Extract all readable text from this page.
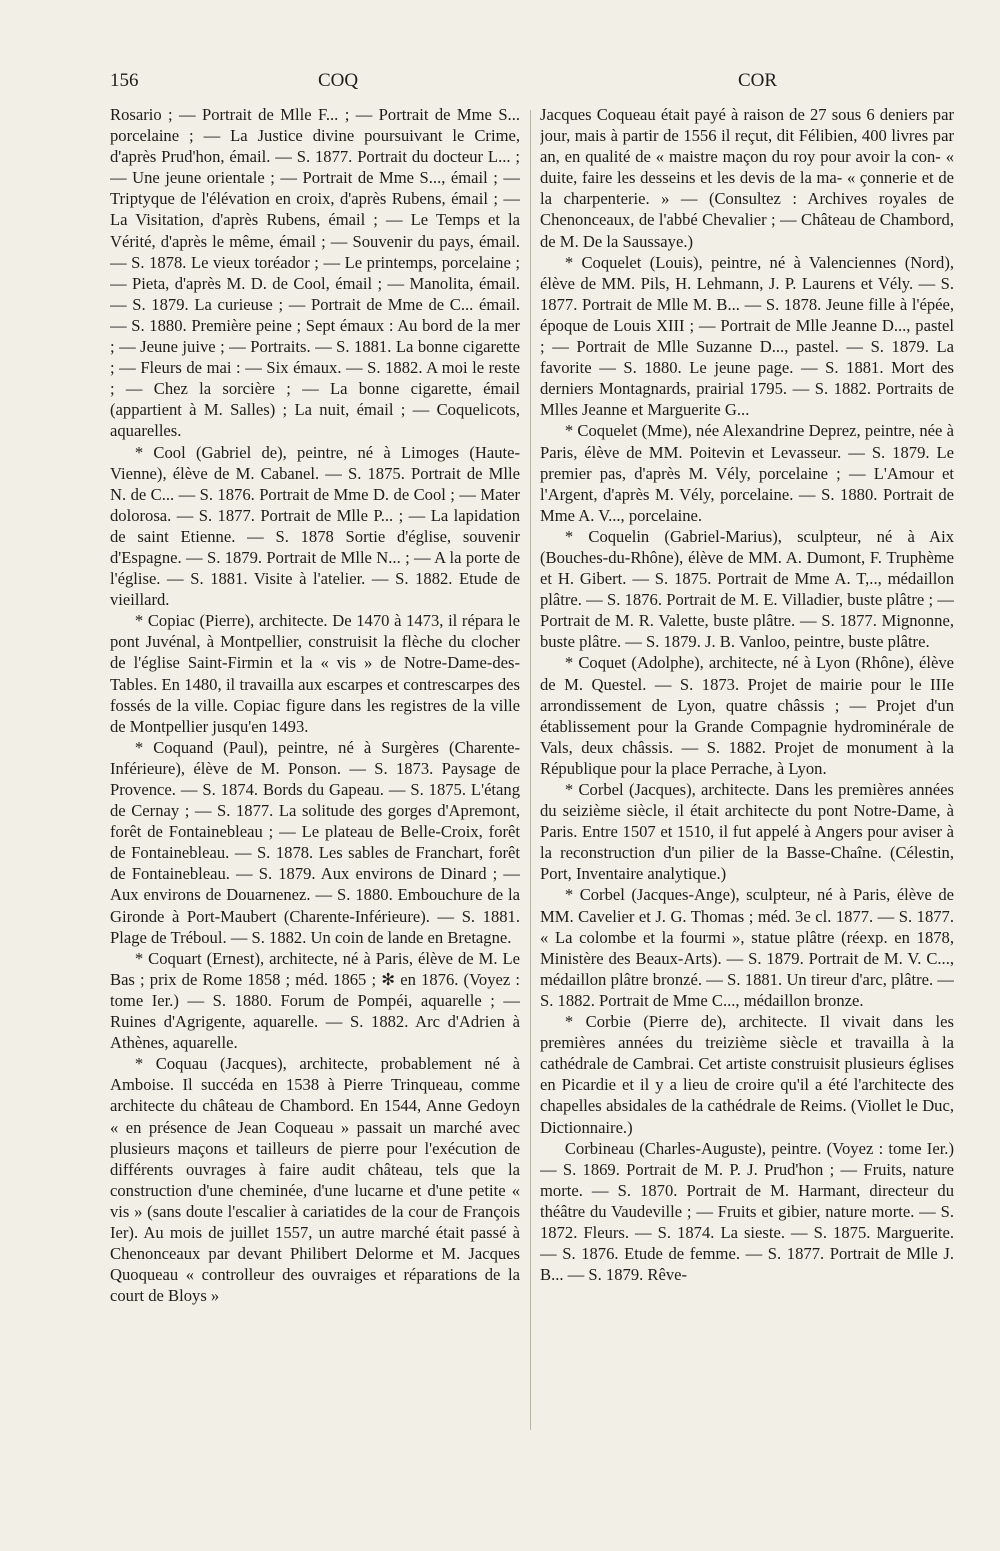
156	COQ	COR

Rosario ; — Portrait de Mlle F... ; — Portrait de Mme S... porcelaine ; — La Justice divine poursuivant le Crime, d'après Prud'hon, émail. — S. 1877. Portrait du docteur L... ; — Une jeune orientale ; — Portrait de Mme S..., émail ; — Triptyque de l'élévation en croix, d'après Rubens, émail ; — La Visitation, d'après Rubens, émail ; — Le Temps et la Vérité, d'après le même, émail ; — Souvenir du pays, émail. — S. 1878. Le vieux toréador ; — Le printemps, porcelaine ; — Pieta, d'après M. D. de Cool, émail ; — Manolita, émail. — S. 1879. La curieuse ; — Portrait de Mme de C... émail. — S. 1880. Première peine ; Sept émaux : Au bord de la mer ; — Jeune juive ; — Portraits. — S. 1881. La bonne cigarette ; — Fleurs de mai : — Six émaux. — S. 1882. A moi le reste ; — Chez la sorcière ; — La bonne cigarette, émail (appartient à M. Salles) ; La nuit, émail ; — Coquelicots, aquarelles.

* Cool (Gabriel de), peintre, né à Limoges (Haute-Vienne), élève de M. Cabanel. — S. 1875. Portrait de Mlle N. de C... — S. 1876. Portrait de Mme D. de Cool ; — Mater dolorosa. — S. 1877. Portrait de Mlle P... ; — La lapidation de saint Etienne. — S. 1878 Sortie d'église, souvenir d'Espagne. — S. 1879. Portrait de Mlle N... ; — A la porte de l'église. — S. 1881. Visite à l'atelier. — S. 1882. Etude de vieillard.

* Copiac (Pierre), architecte. De 1470 à 1473, il répara le pont Juvénal, à Montpellier, construisit la flèche du clocher de l'église Saint-Firmin et la « vis » de Notre-Dame-des-Tables. En 1480, il travailla aux escarpes et contrescarpes des fossés de la ville. Copiac figure dans les registres de la ville de Montpellier jusqu'en 1493.

* Coquand (Paul), peintre, né à Surgères (Charente-Inférieure), élève de M. Ponson. — S. 1873. Paysage de Provence. — S. 1874. Bords du Gapeau. — S. 1875. L'étang de Cernay ; — S. 1877. La solitude des gorges d'Apremont, forêt de Fontainebleau ; — Le plateau de Belle-Croix, forêt de Fontainebleau. — S. 1878. Les sables de Franchart, forêt de Fontainebleau. — S. 1879. Aux environs de Dinard ; — Aux environs de Douarnenez. — S. 1880. Embouchure de la Gironde à Port-Maubert (Charente-Inférieure). — S. 1881. Plage de Tréboul. — S. 1882. Un coin de lande en Bretagne.

* Coquart (Ernest), architecte, né à Paris, élève de M. Le Bas ; prix de Rome 1858 ; méd. 1865 ; ✻ en 1876. (Voyez : tome Ier.) — S. 1880. Forum de Pompéi, aquarelle ; — Ruines d'Agrigente, aquarelle. — S. 1882. Arc d'Adrien à Athènes, aquarelle.

* Coquau (Jacques), architecte, probablement né à Amboise. Il succéda en 1538 à Pierre Trinqueau, comme architecte du château de Chambord. En 1544, Anne Gedoyn « en présence de Jean Coqueau » passait un marché avec plusieurs maçons et tailleurs de pierre pour l'exécution de différents ouvrages à faire audit château, tels que la construction d'une cheminée, d'une lucarne et d'une petite « vis » (sans doute l'escalier à cariatides de la cour de François Ier). Au mois de juillet 1557, un autre marché était passé à Chenonceaux par devant Philibert Delorme et M. Jacques Quoqueau « controlleur des ouvraiges et réparations de la court de Bloys »

Jacques Coqueau était payé à raison de 27 sous 6 deniers par jour, mais à partir de 1556 il reçut, dit Félibien, 400 livres par an, en qualité de « maistre maçon du roy pour avoir la con- « duite, faire les desseins et les devis de la ma- « çonnerie et de la charpenterie. » — (Consultez : Archives royales de Chenonceaux, de l'abbé Chevalier ; — Château de Chambord, de M. De la Saussaye.)

* Coquelet (Louis), peintre, né à Valenciennes (Nord), élève de MM. Pils, H. Lehmann, J. P. Laurens et Vély. — S. 1877. Portrait de Mlle M. B... — S. 1878. Jeune fille à l'épée, époque de Louis XIII ; — Portrait de Mlle Jeanne D..., pastel ; — Portrait de Mlle Suzanne D..., pastel. — S. 1879. La favorite — S. 1880. Le jeune page. — S. 1881. Mort des derniers Montagnards, prairial 1795. — S. 1882. Portraits de Mlles Jeanne et Marguerite G...

* Coquelet (Mme), née Alexandrine Deprez, peintre, née à Paris, élève de MM. Poitevin et Levasseur. — S. 1879. Le premier pas, d'après M. Vély, porcelaine ; — L'Amour et l'Argent, d'après M. Vély, porcelaine. — S. 1880. Portrait de Mme A. V..., porcelaine.

* Coquelin (Gabriel-Marius), sculpteur, né à Aix (Bouches-du-Rhône), élève de MM. A. Dumont, F. Truphème et H. Gibert. — S. 1875. Portrait de Mme A. T,.., médaillon plâtre. — S. 1876. Portrait de M. E. Villadier, buste plâtre ; — Portrait de M. R. Valette, buste plâtre. — S. 1877. Mignonne, buste plâtre. — S. 1879. J. B. Vanloo, peintre, buste plâtre.

* Coquet (Adolphe), architecte, né à Lyon (Rhône), élève de M. Questel. — S. 1873. Projet de mairie pour le IIIe arrondissement de Lyon, quatre châssis ; — Projet d'un établissement pour la Grande Compagnie hydrominérale de Vals, deux châssis. — S. 1882. Projet de monument à la République pour la place Perrache, à Lyon.

* Corbel (Jacques), architecte. Dans les premières années du seizième siècle, il était architecte du pont Notre-Dame, à Paris. Entre 1507 et 1510, il fut appelé à Angers pour aviser à la reconstruction d'un pilier de la Basse-Chaîne. (Célestin, Port, Inventaire analytique.)

* Corbel (Jacques-Ange), sculpteur, né à Paris, élève de MM. Cavelier et J. G. Thomas ; méd. 3e cl. 1877. — S. 1877. « La colombe et la fourmi », statue plâtre (réexp. en 1878, Ministère des Beaux-Arts). — S. 1879. Portrait de M. V. C..., médaillon plâtre bronzé. — S. 1881. Un tireur d'arc, plâtre. — S. 1882. Portrait de Mme C..., médaillon bronze.

* Corbie (Pierre de), architecte. Il vivait dans les premières années du treizième siècle et travailla à la cathédrale de Cambrai. Cet artiste construisit plusieurs églises en Picardie et il y a lieu de croire qu'il a été l'architecte des chapelles absidales de la cathédrale de Reims. (Viollet le Duc, Dictionnaire.)

Corbineau (Charles-Auguste), peintre. (Voyez : tome Ier.) — S. 1869. Portrait de M. P. J. Prud'hon ; — Fruits, nature morte. — S. 1870. Portrait de M. Harmant, directeur du théâtre du Vaudeville ; — Fruits et gibier, nature morte. — S. 1872. Fleurs. — S. 1874. La sieste. — S. 1875. Marguerite. — S. 1876. Etude de femme. — S. 1877. Portrait de Mlle J. B... — S. 1879. Rêve-
